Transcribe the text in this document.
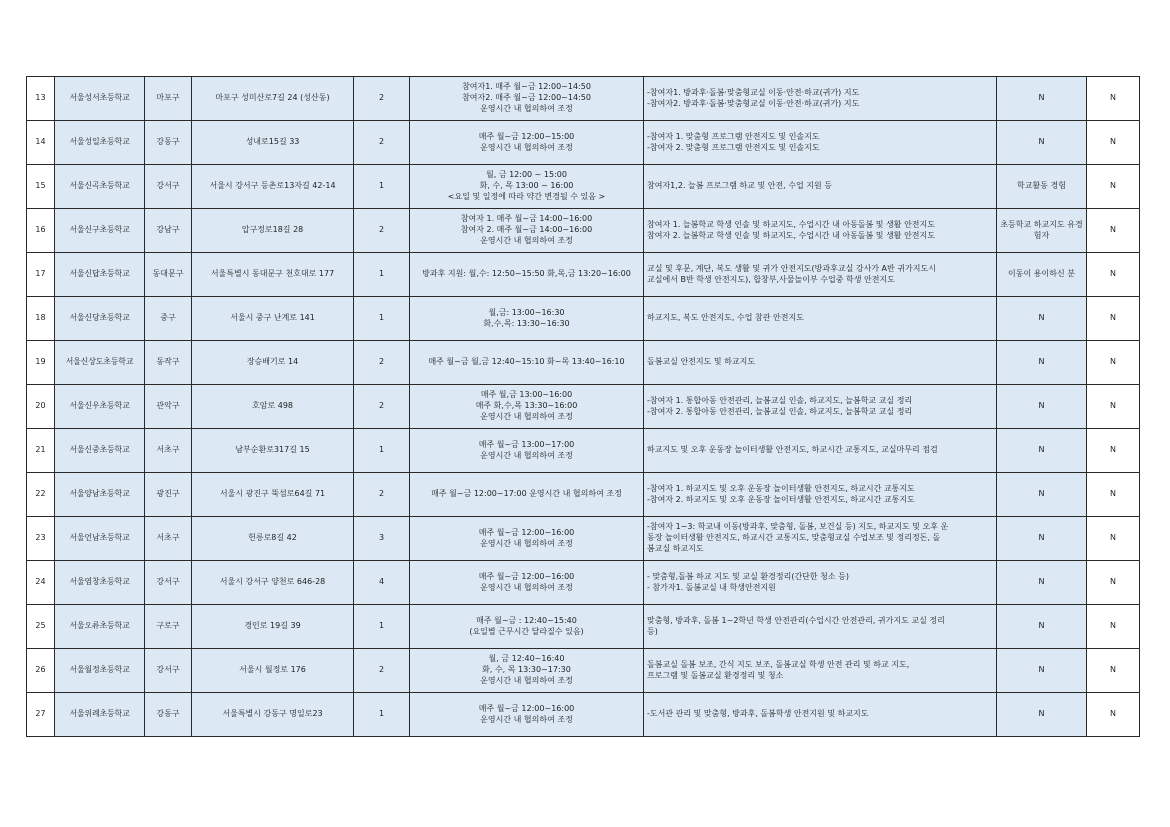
13	서울성서초등학교	마포구	마포구 성미산로7길 24 (성산동)	2	참여자1. 매주 월~금 12:00~14:50
참여자2. 매주 월~금 12:00~14:50
운영시간 내 협의하여 조정	-참여자1. 방과후·돌봄·맞춤형교실 이동·안전·하교(귀가) 지도
-참여자2. 방과후·돌봄·맞춤형교실 이동·안전·하교(귀가) 지도	N	N
14	서울성일초등학교	강동구	성내로15길 33	2	매주 월~금 12:00~15:00
운영시간 내 협의하여 조정	-참여자 1. 맞춤형 프로그램 안전지도 및 인솔지도
-참여자 2. 맞춤형 프로그램 안전지도 및 인솔지도	N	N
15	서울신곡초등학교	강서구	서울시 강서구 등촌로13자길 42-14	1	월, 금 12:00 ~ 15:00
화, 수, 목 13:00 ~ 16:00
<요일 및 일정에 따라 약간 변경될 수 있음 >	참여자1,2. 늘봄 프로그램 하교 및 안전, 수업 지원 등	학교활동 경험	N
16	서울신구초등학교	강남구	압구정로18길 28	2	참여자 1. 매주 월~금 14:00~16:00
참여자 2. 매주 월~금 14:00~16:00
운영시간 내 협의하여 조정	참여자 1. 늘봄학교 학생 인솔 및 하교지도, 수업시간 내 아동돌봄 및 생활 안전지도
참여자 2. 늘봄학교 학생 인솔 및 하교지도, 수업시간 내 아동돌봄 및 생활 안전지도	초등학교 하교지도 유경험자	N
17	서울신답초등학교	동대문구	서울특별시 동대문구 천호대로 177	1	방과후 지원: 월,수: 12:50~15:50 화,목,금 13:20~16:00	교실 및 후문, 계단, 복도 생활 및 귀가 안전지도(방과후교실 강사가 A반 귀가지도시
교실에서 B반 학생 안전지도), 합창부,사물놀이부 수업중 학생 안전지도	이동이 용이하신 분	N
18	서울신당초등학교	중구	서울시 중구 난계로 141	1	월,금: 13:00~16:30
화,수,목: 13:30~16:30	하교지도, 복도 안전지도, 수업 참관 안전지도	N	N
19	서울신상도초등학교	동작구	장승배기로 14	2	매주 월~금 월,금 12:40~15:10 화~목 13:40~16:10	돌봄교실 안전지도 및 하교지도	N	N
20	서울신우초등학교	관악구	호암로 498	2	매주 월,금 13:00~16:00
매주 화,수,목 13:30~16:00
운영시간 내 협의하여 조정	-참여자 1. 통합아동 안전관리, 늘봄교실 인솔, 하교지도, 늘봄학교 교실 정리
-참여자 2. 통합아동 안전관리, 늘봄교실 인솔, 하교지도, 늘봄학교 교실 정리	N	N
21	서울신중초등학교	서초구	남부순환로317길 15	1	매주 월~금 13:00~17:00
운영시간 내 협의하여 조정	하교지도 및 오후 운동장 놀이터생활 안전지도, 하교시간 교통지도, 교실마무리 점검	N	N
22	서울양남초등학교	광진구	서울시 광진구 뚝섬로64길 71	2	매주 월~금 12:00~17:00 운영시간 내 협의하여 조정	-참여자 1. 하교지도 및 오후 운동장 놀이터생활 안전지도, 하교시간 교통지도
-참여자 2. 하교지도 및 오후 운동장 놀이터생활 안전지도, 하교시간 교통지도	N	N
23	서울언남초등학교	서초구	헌릉로8길 42	3	매주 월~금 12:00~16:00
운영시간 내 협의하여 조정	-참여자 1~3: 학교내 이동(방과후, 맞춤형, 돌봄, 보건실 등) 지도, 하교지도 및 오후 운
동장 놀이터생활 안전지도, 하교시간 교통지도, 맞춤형교실 수업보조 및 정리정돈, 돌
봄교실 하교지도	N	N
24	서울염창초등학교	강서구	서울시 강서구 양천로 646-28	4	매주 월~금 12:00~16:00
운영시간 내 협의하여 조정	- 맞춤형,돌봄 하교 지도 및 교실 환경정리(간단한 청소 등)
- 참가자1. 돌봄교실 내 학생안전지원	N	N
25	서울오류초등학교	구로구	경인로 19길 39	1	매주 월~금 : 12:40~15:40
(요일별 근무시간 달라질수 있음)	맞춤형, 방과후, 돌봄 1~2학년 학생 안전관리(수업시간 안전관리, 귀가지도 교실 정리
등)	N	N
26	서울월정초등학교	강서구	서울시 월정로 176	2	월, 금 12:40~16:40
화, 수, 목 13:30~17:30
운영시간 내 협의하여 조정	돌봄교실 돌봄 보조, 간식 지도 보조, 돌봄교실 학생 안전 관리 및 하교 지도,
프로그램 및 돌봄교실 환경정리 및 청소	N	N
27	서울위례초등학교	강동구	서울특별시 강동구 명일로23	1	매주 월~금 12:00~16:00
운영시간 내 협의하여 조정	-도서관 관리 및 맞춤형, 방과후, 돌봄학생 안전지원 및 하교지도	N	N
